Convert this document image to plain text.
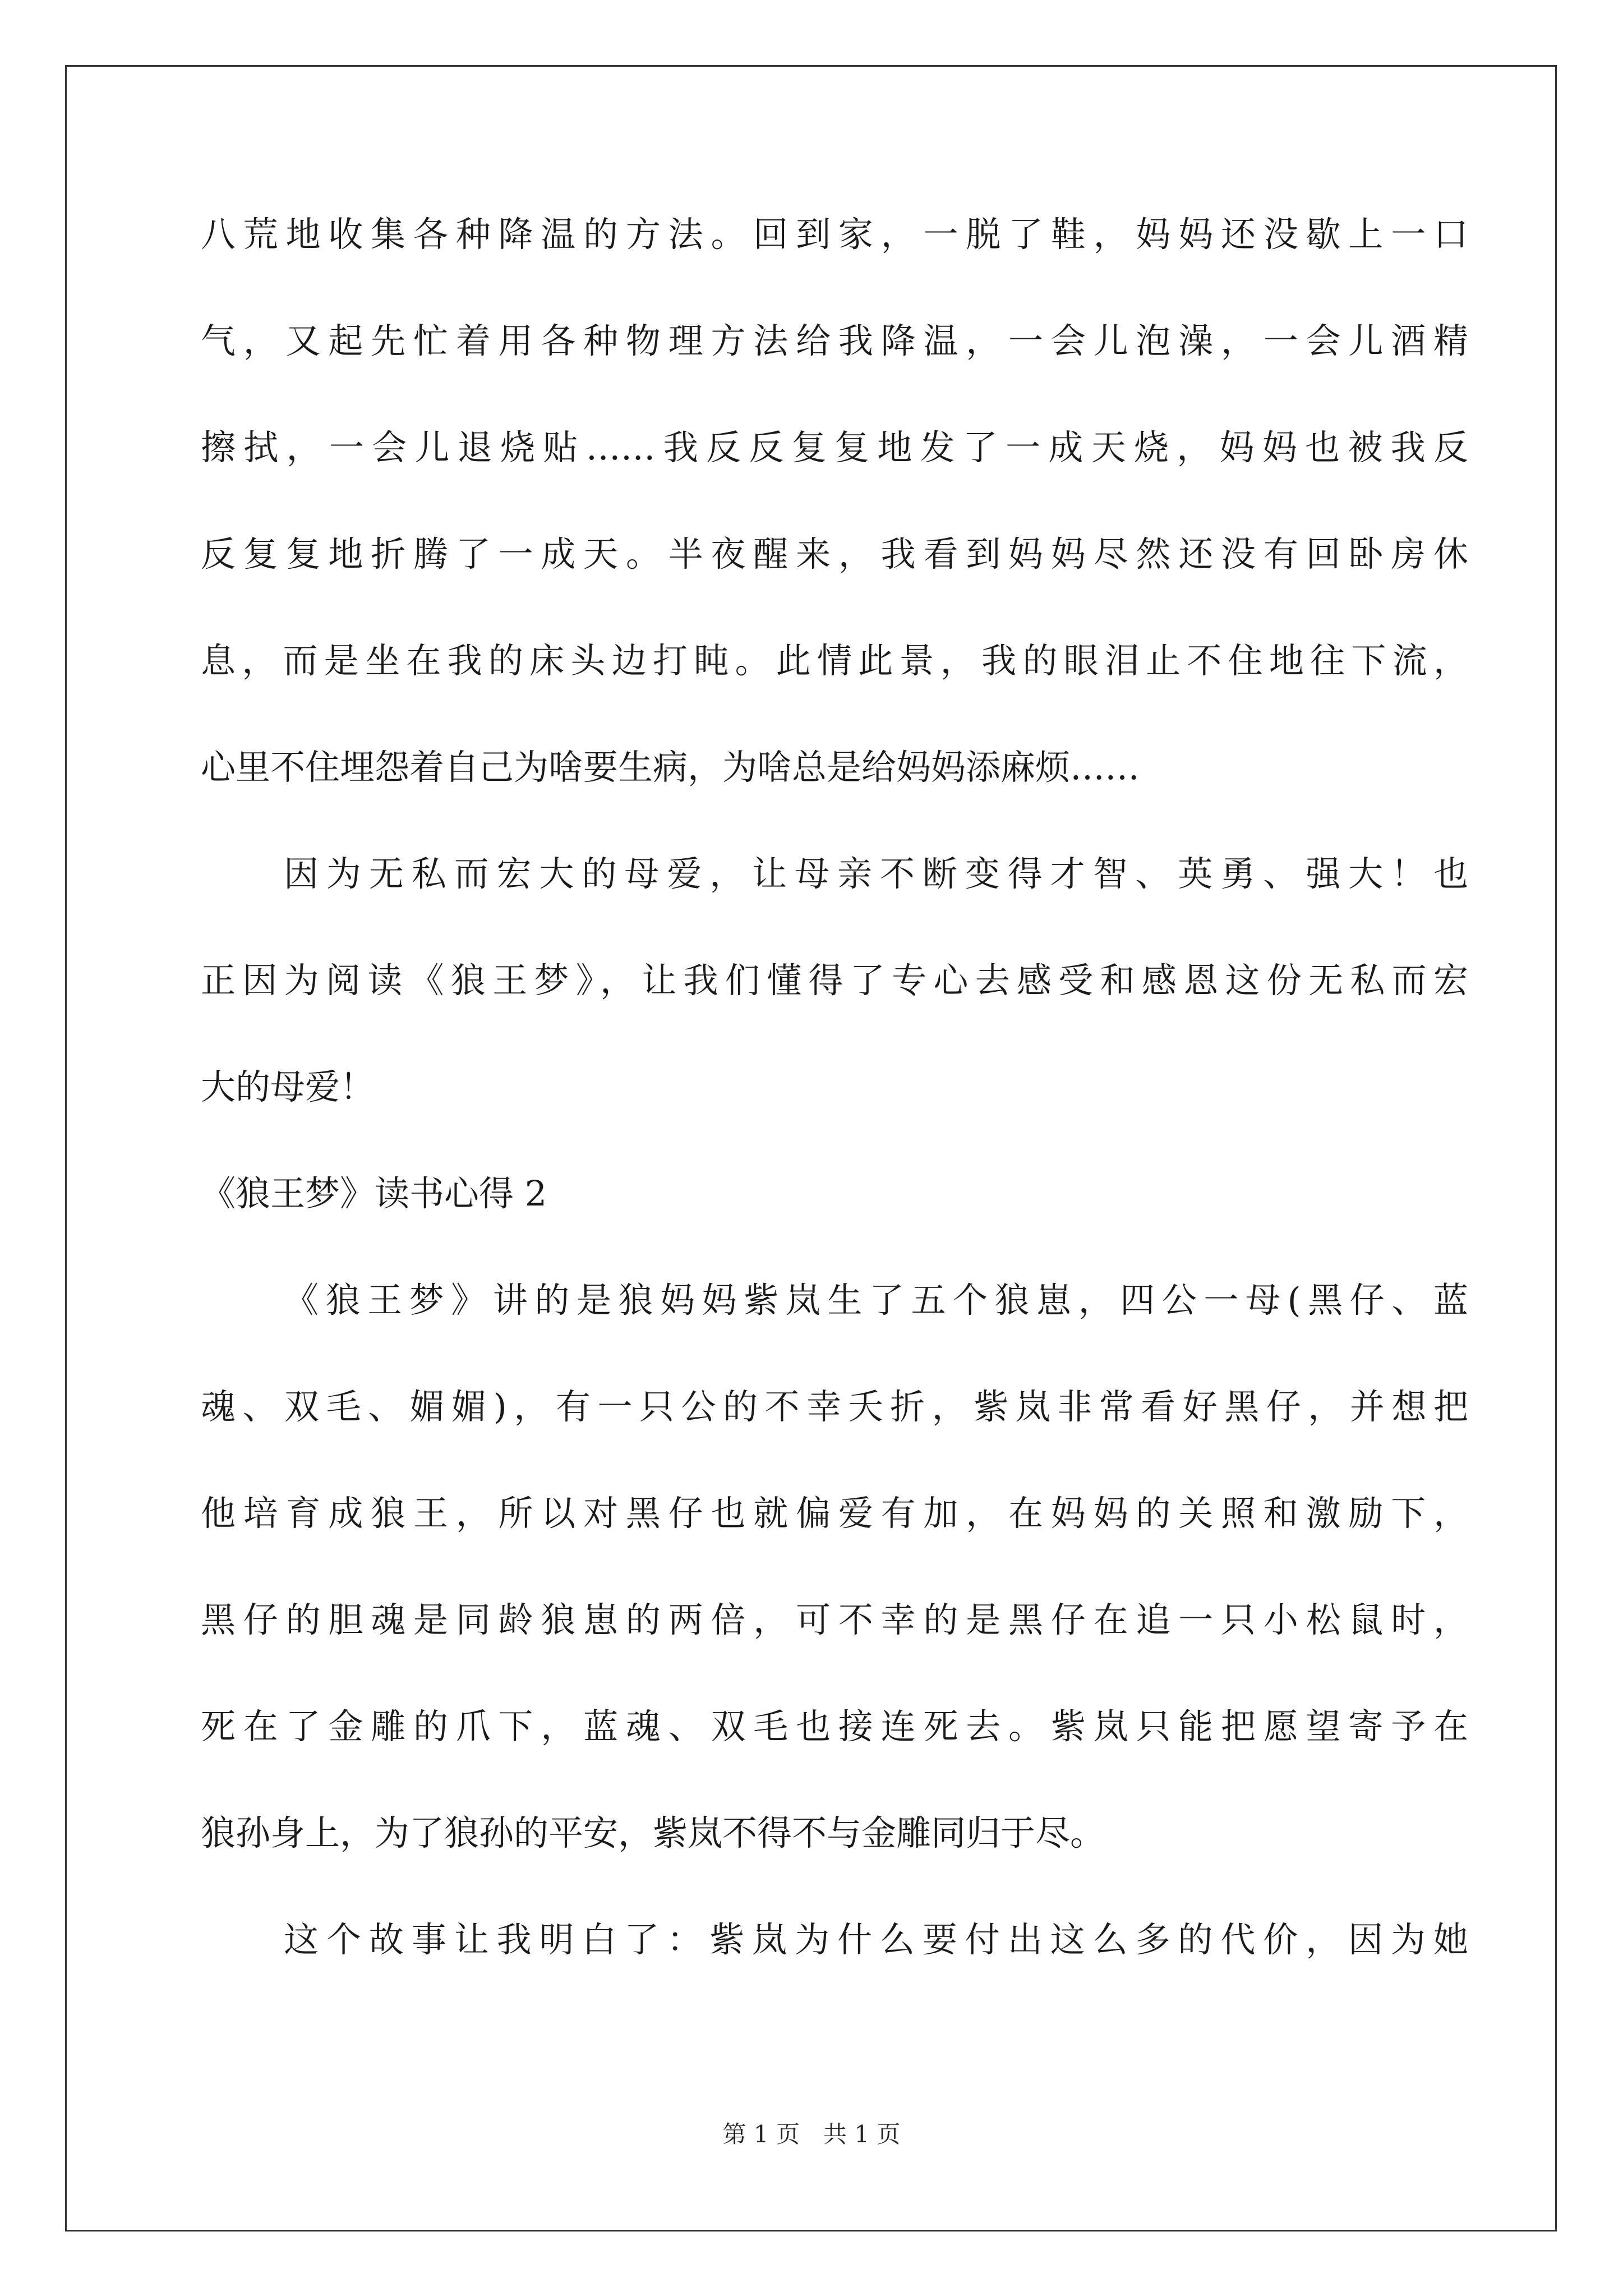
八荒地收集各种降温的方法。回到家，一脱了鞋，妈妈还没歇上一口
气，又起先忙着用各种物理方法给我降温，一会儿泡澡，一会儿酒精
擦拭，一会儿退烧贴……我反反复复地发了一成天烧，妈妈也被我反
反复复地折腾了一成天。半夜醒来，我看到妈妈尽然还没有回卧房休
息，而是坐在我的床头边打盹。此情此景，我的眼泪止不住地往下流，
心里不住埋怨着自己为啥要生病，为啥总是给妈妈添麻烦……
因为无私而宏大的母爱，让母亲不断变得才智、英勇、强大！也
正因为阅读《狼王梦》，让我们懂得了专心去感受和感恩这份无私而宏
大的母爱！
《狼王梦》读书心得 2
《狼王梦》讲的是狼妈妈紫岚生了五个狼崽，四公一母(黑仔、蓝
魂、双毛、媚媚)，有一只公的不幸夭折，紫岚非常看好黑仔，并想把
他培育成狼王，所以对黑仔也就偏爱有加，在妈妈的关照和激励下，
黑仔的胆魂是同龄狼崽的两倍，可不幸的是黑仔在追一只小松鼠时，
死在了金雕的爪下，蓝魂、双毛也接连死去。紫岚只能把愿望寄予在
狼孙身上，为了狼孙的平安，紫岚不得不与金雕同归于尽。
这个故事让我明白了：紫岚为什么要付出这么多的代价，因为她
第 1 页　共 1 页
